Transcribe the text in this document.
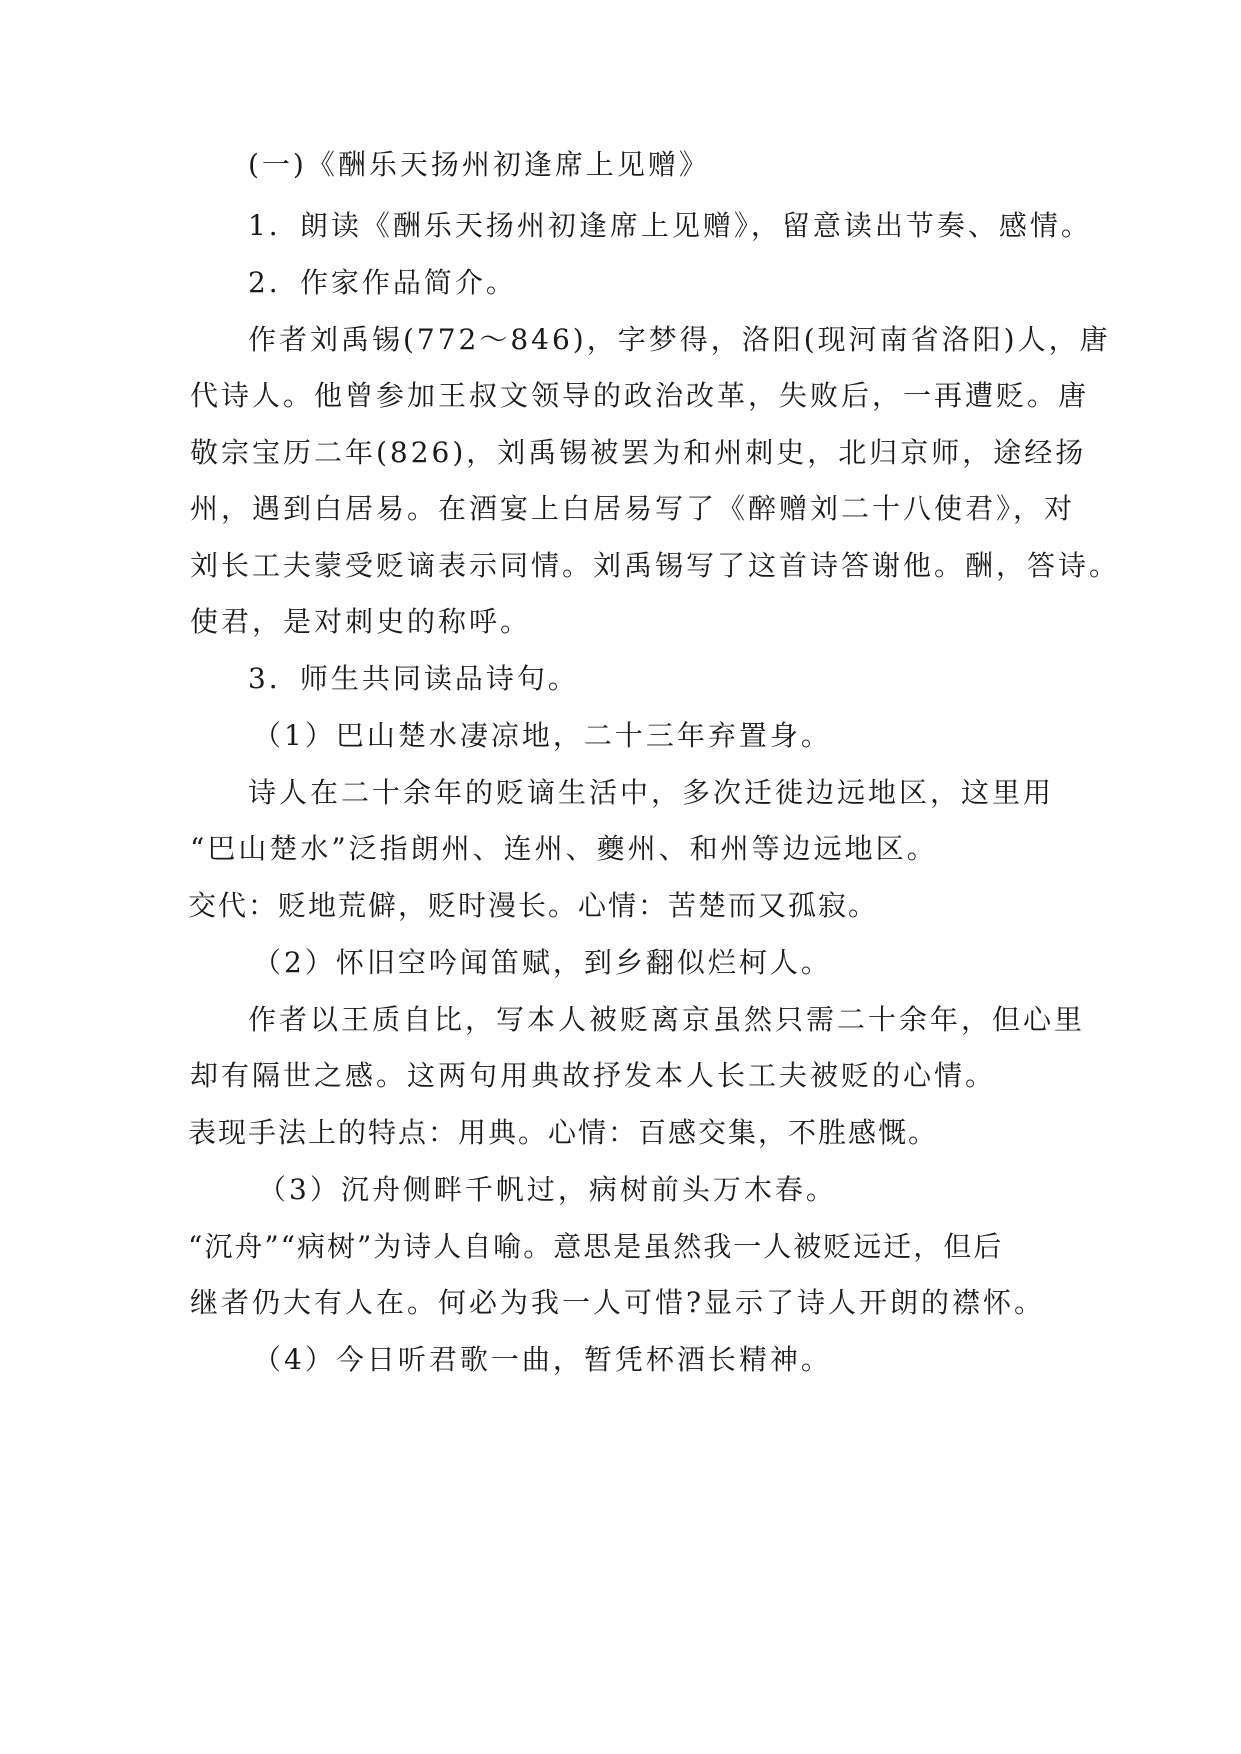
(一)《酬乐天扬州初逢席上见赠》
1．朗读《酬乐天扬州初逢席上见赠》，留意读出节奏、感情。
2．作家作品简介。
作者刘禹锡(772～846)，字梦得，洛阳(现河南省洛阳)人，唐
代诗人。他曾参加王叔文领导的政治改革，失败后，一再遭贬。唐
敬宗宝历二年(826)，刘禹锡被罢为和州刺史，北归京师，途经扬
州，遇到白居易。在酒宴上白居易写了《醉赠刘二十八使君》，对
刘长工夫蒙受贬谪表示同情。刘禹锡写了这首诗答谢他。酬，答诗。
使君，是对刺史的称呼。
3．师生共同读品诗句。
（1）巴山楚水凄凉地，二十三年弃置身。
诗人在二十余年的贬谪生活中，多次迁徙边远地区，这里用
“巴山楚水”泛指朗州、连州、夔州、和州等边远地区。
交代：贬地荒僻，贬时漫长。心情：苦楚而又孤寂。
（2）怀旧空吟闻笛赋，到乡翻似烂柯人。
作者以王质自比，写本人被贬离京虽然只需二十余年，但心里
却有隔世之感。这两句用典故抒发本人长工夫被贬的心情。
表现手法上的特点：用典。心情：百感交集，不胜感慨。
（3）沉舟侧畔千帆过，病树前头万木春。
“沉舟”“病树”为诗人自喻。意思是虽然我一人被贬远迁，但后
继者仍大有人在。何必为我一人可惜?显示了诗人开朗的襟怀。
（4）今日听君歌一曲，暂凭杯酒长精神。
